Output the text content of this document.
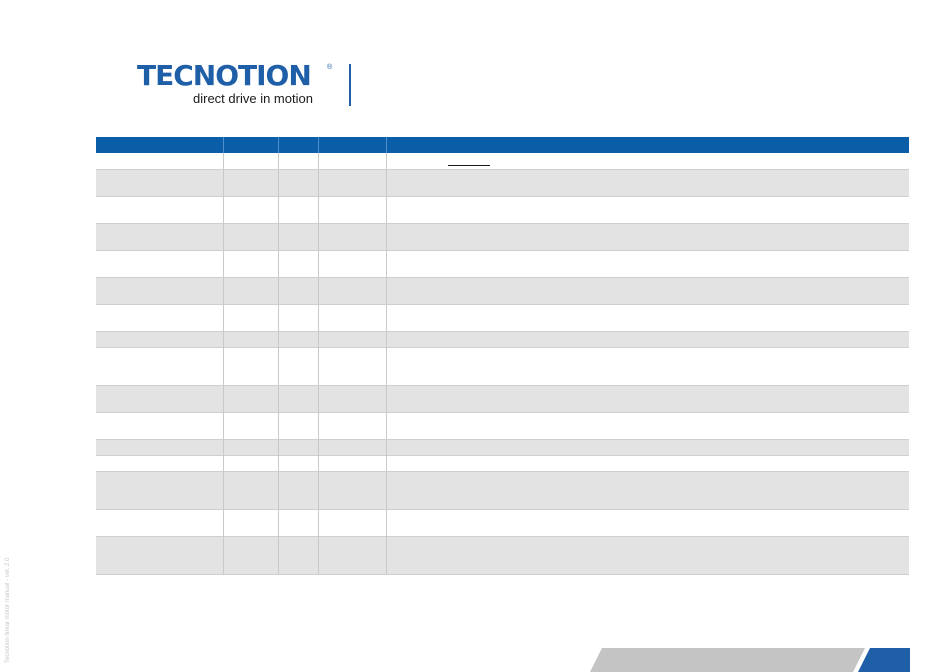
TECNOTION ®
direct drive in motion

Tecnotion linear motor manual - ver. 2.0
